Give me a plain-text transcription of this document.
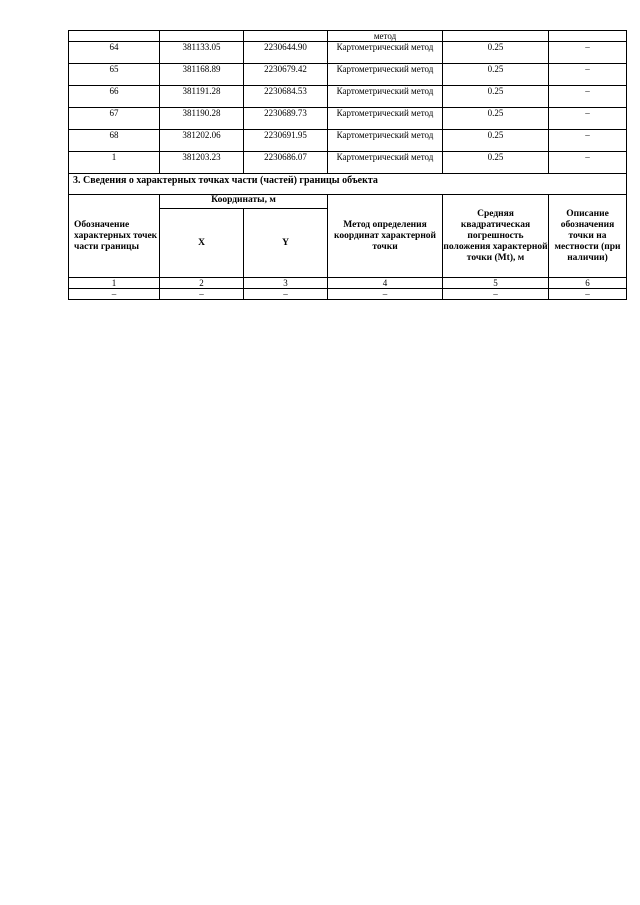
			метод		
64	381133.05	2230644.90	Картометрический метод	0.25	–
65	381168.89	2230679.42	Картометрический метод	0.25	–
66	381191.28	2230684.53	Картометрический метод	0.25	–
67	381190.28	2230689.73	Картометрический метод	0.25	–
68	381202.06	2230691.95	Картометрический метод	0.25	–
1	381203.23	2230686.07	Картометрический метод	0.25	–
3. Сведения о характерных точках части (частей) границы объекта					
Обозначение характерных точек части границы	Координаты, м		Метод определения координат характерной точки	Средняя квадратическая погрешность положения характерной точки (Mt), м	Описание обозначения точки на местности (при наличии)
	X	Y			
1	2	3	4	5	6
–	–	–	–	–	–
